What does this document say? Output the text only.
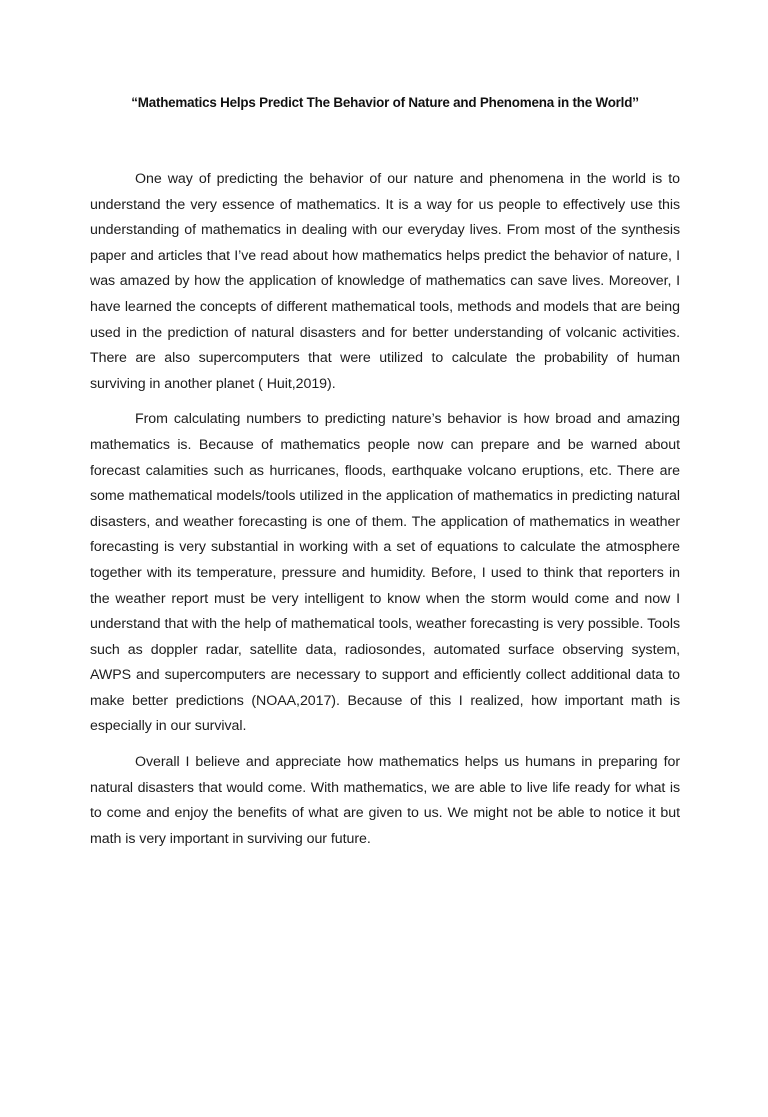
“Mathematics Helps Predict The Behavior of Nature and Phenomena in the World’’

One way of predicting the behavior of our nature and phenomena in the world is to understand the very essence of mathematics. It is a way for us people to effectively use this understanding of mathematics in dealing with our everyday lives. From most of the synthesis paper and articles that I’ve read about how mathematics helps predict the behavior of nature, I was amazed by how the application of knowledge of mathematics can save lives. Moreover, I have learned the concepts of different mathematical tools, methods and models that are being used in the prediction of natural disasters and for better understanding of volcanic activities. There are also supercomputers that were utilized to calculate the probability of human surviving in another planet ( Huit,2019).

From calculating numbers to predicting nature’s behavior is how broad and amazing mathematics is. Because of mathematics people now can prepare and be warned about forecast calamities such as hurricanes, floods, earthquake volcano eruptions, etc. There are some mathematical models/tools utilized in the application of mathematics in predicting natural disasters, and weather forecasting is one of them. The application of mathematics in weather forecasting is very substantial in working with a set of equations to calculate the atmosphere together with its temperature, pressure and humidity. Before, I used to think that reporters in the weather report must be very intelligent to know when the storm would come and now I understand that with the help of mathematical tools, weather forecasting is very possible. Tools such as doppler radar, satellite data, radiosondes, automated surface observing system, AWPS and supercomputers are necessary to support and efficiently collect additional data to make better predictions (NOAA,2017). Because of this I realized, how important math is especially in our survival.

Overall I believe and appreciate how mathematics helps us humans in preparing for natural disasters that would come. With mathematics, we are able to live life ready for what is to come and enjoy the benefits of what are given to us. We might not be able to notice it but math is very important in surviving our future.
